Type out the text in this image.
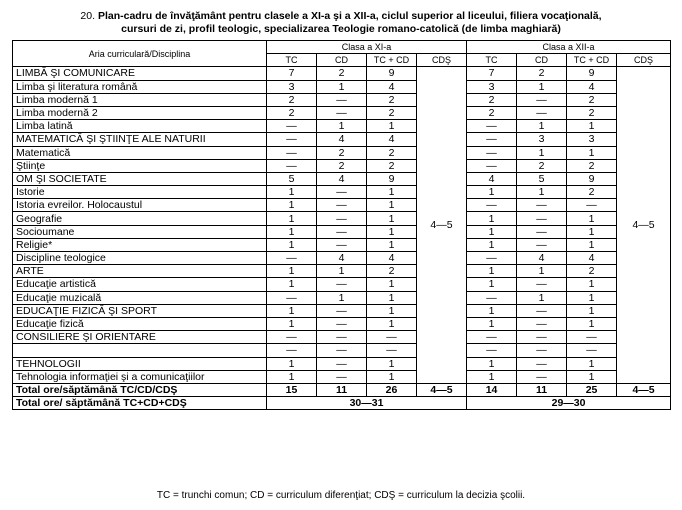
20. Plan-cadru de învăţământ pentru clasele a XI-a şi a XII-a, ciclul superior al liceului, filiera vocaţională,
cursuri de zi, profil teologic, specializarea Teologie romano-catolică (de limba maghiară)
Aria curriculară/Disciplina	Clasa a XI-a				Clasa a XII-a			
	TC	CD	TC + CD	CDŞ	TC	CD	TC + CD	CDŞ
LIMBĂ ŞI COMUNICARE	7	2	9	4—5	7	2	9	4—5
Limba şi literatura română	3	1	4		3	1	4	
Limba modernă 1	2	—	2		2	—	2	
Limba modernă 2	2	—	2		2	—	2	
Limba latină	—	1	1		—	1	1	
MATEMATICĂ ŞI ŞTIINŢE ALE NATURII	—	4	4		—	3	3	
Matematică	—	2	2		—	1	1	
Ştiinţe	—	2	2		—	2	2	
OM ŞI SOCIETATE	5	4	9		4	5	9	
Istorie	1	—	1		1	1	2	
Istoria evreilor. Holocaustul	1	—	1		—	—	—	
Geografie	1	—	1		1	—	1	
Socioumane	1	—	1		1	—	1	
Religie*	1	—	1		1	—	1	
Discipline teologice	—	4	4		—	4	4	
ARTE	1	1	2		1	1	2	
Educaţie artistică	1	—	1		1	—	1	
Educaţie muzicală	—	1	1		—	1	1	
EDUCAŢIE FIZICĂ ŞI SPORT	1	—	1		1	—	1	
Educaţie fizică	1	—	1		1	—	1	
CONSILIERE ŞI ORIENTARE	—	—	—		—	—	—	
	—	—	—		—	—	—	
TEHNOLOGII	1	—	1		1	—	1	
Tehnologia informaţiei şi a comunicaţiilor	1	—	1		1	—	1	
Total ore/săptămână TC/CD/CDŞ	15	11	26	4—5	14	11	25	4—5
Total ore/ săptămână TC+CD+CDŞ	30—31				29—30			
TC = trunchi comun; CD = curriculum diferenţiat; CDŞ = curriculum la decizia şcolii.
